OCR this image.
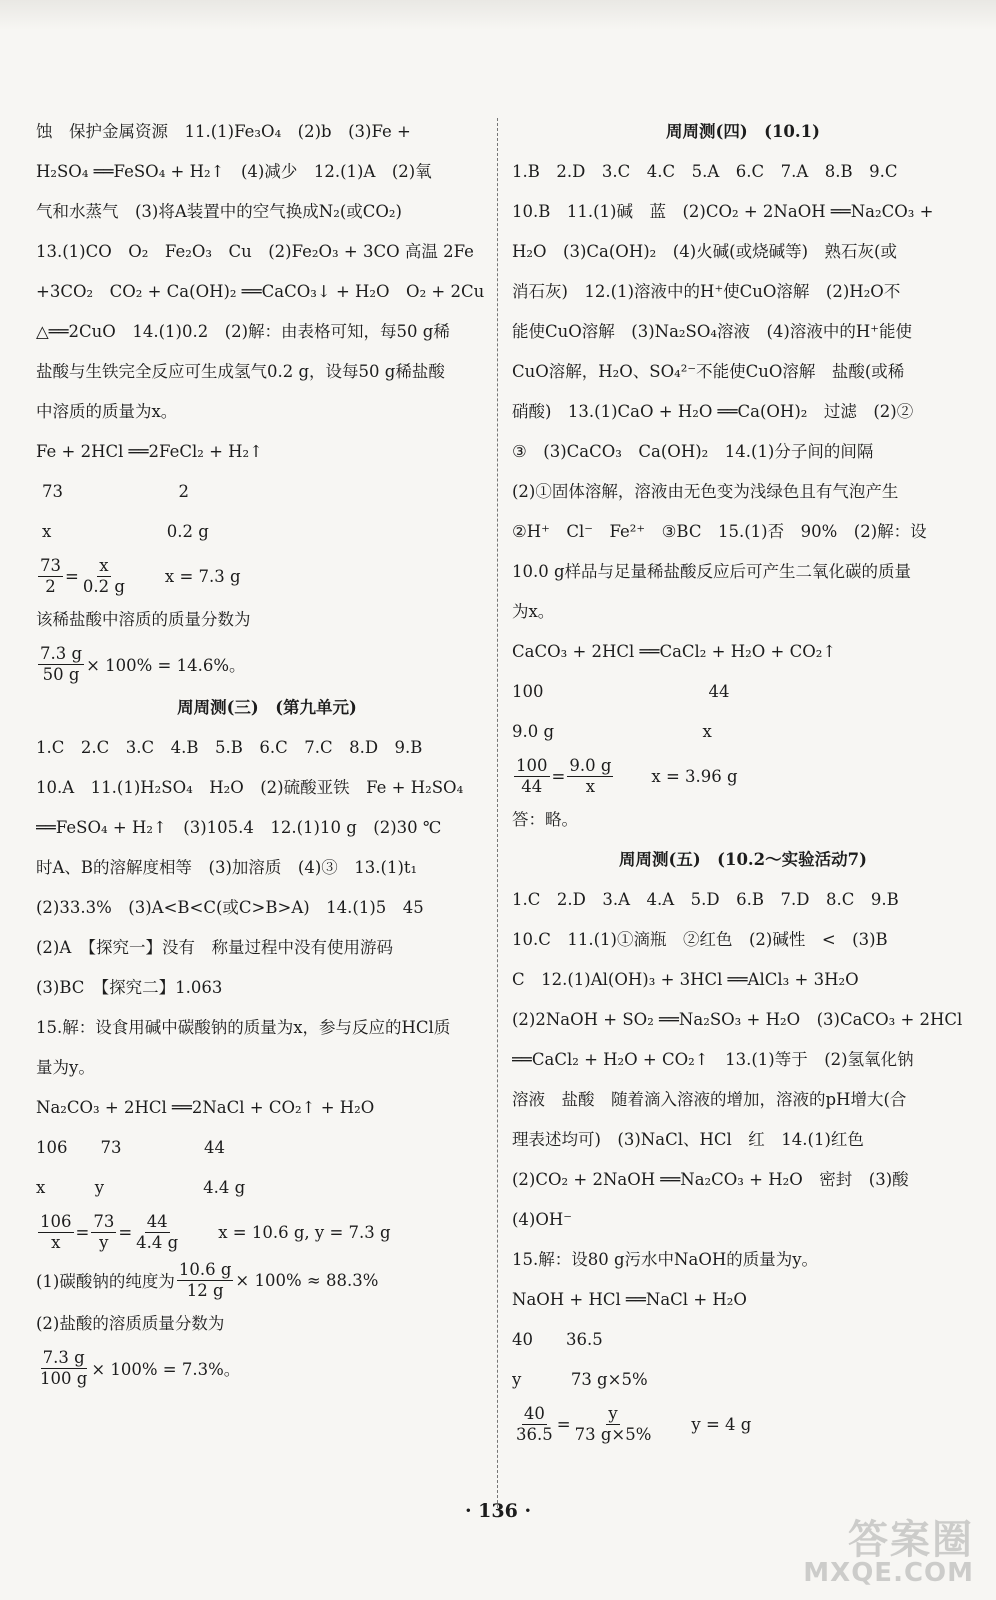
蚀　保护金属资源　11.(1)Fe₃O₄　(2)b　(3)Fe +
H₂SO₄ ══FeSO₄ + H₂↑　(4)减少　12.(1)A　(2)氧
气和水蒸气　(3)将A装置中的空气换成N₂(或CO₂)
13.(1)CO　O₂　Fe₂O₃　Cu　(2)Fe₂O₃ + 3CO 高温 2Fe
+3CO₂　CO₂ + Ca(OH)₂ ══CaCO₃↓ + H₂O　O₂ + 2Cu
△══2CuO　14.(1)0.2　(2)解：由表格可知，每50 g稀
盐酸与生铁完全反应可生成氢气0.2 g，设每50 g稀盐酸
中溶质的质量为x。
Fe + 2HCl ══2FeCl₂ + H₂↑
73　　　　　　　2
x　　　　　　　0.2 g
$\frac{73}{2} = \frac{x}{0.2 g}$ x = 7.3 g
该稀盐酸中溶质的质量分数为
$\frac{7.3 g}{50 g} \times 100\% = 14.6\%$。
周周测(三)　(第九单元)
1.C　2.C　3.C　4.B　5.B　6.C　7.C　8.D　9.B
10.A　11.(1)H₂SO₄　H₂O　(2)硫酸亚铁　Fe + H₂SO₄
══FeSO₄ + H₂↑　(3)105.4　12.(1)10 g　(2)30 ℃
时A、B的溶解度相等　(3)加溶质　(4)③　13.(1)t₁
(2)33.3%　(3)A<B<C(或C>B>A)　14.(1)5　45
(2)A　【探究一】没有　称量过程中没有使用游码
(3)BC　【探究二】1.063
15.解：设食用碱中碳酸钠的质量为x，参与反应的HCl质
量为y。
Na₂CO₃ + 2HCl ══2NaCl + CO₂↑ + H₂O
106　　73　　　　　44
x　　　y　　　　　　4.4 g
$\frac{106}{x} = \frac{73}{y} = \frac{44}{4.4 g}$ x = 10.6 g, y = 7.3 g
(1)碳酸钠的纯度为 $\frac{10.6 g}{12 g} \times 100\% \approx 88.3\%$
(2)盐酸的溶质质量分数为
$\frac{7.3 g}{100 g} \times 100\% = 7.3\%$。
周周测(四)　(10.1)
1.B　2.D　3.C　4.C　5.A　6.C　7.A　8.B　9.C
10.B　11.(1)碱　蓝　(2)CO₂ + 2NaOH ══Na₂CO₃ +
H₂O　(3)Ca(OH)₂　(4)火碱(或烧碱等)　熟石灰(或
消石灰)　12.(1)溶液中的H⁺使CuO溶解　(2)H₂O不
能使CuO溶解　(3)Na₂SO₄溶液　(4)溶液中的H⁺能使
CuO溶解，H₂O、SO₄²⁻不能使CuO溶解　盐酸(或稀
硝酸)　13.(1)CaO + H₂O ══Ca(OH)₂　过滤　(2)②
③　(3)CaCO₃　Ca(OH)₂　14.(1)分子间的间隔
(2)①固体溶解，溶液由无色变为浅绿色且有气泡产生
②H⁺　Cl⁻　Fe²⁺　③BC　15.(1)否　90%　(2)解：设
10.0 g样品与足量稀盐酸反应后可产生二氧化碳的质量
为x。
CaCO₃ + 2HCl ══CaCl₂ + H₂O + CO₂↑
100　　　　　　　　　　44
9.0 g　　　　　　　　　x
$\frac{100}{44} = \frac{9.0 g}{x}$ x = 3.96 g
答：略。
周周测(五)　(10.2～实验活动7)
1.C　2.D　3.A　4.A　5.D　6.B　7.D　8.C　9.B
10.C　11.(1)①滴瓶　②红色　(2)碱性　<　(3)B
C　12.(1)Al(OH)₃ + 3HCl ══AlCl₃ + 3H₂O
(2)2NaOH + SO₂ ══Na₂SO₃ + H₂O　(3)CaCO₃ + 2HCl
══CaCl₂ + H₂O + CO₂↑　13.(1)等于　(2)氢氧化钠
溶液　盐酸　随着滴入溶液的增加，溶液的pH增大(合
理表述均可)　(3)NaCl、HCl　红　14.(1)红色
(2)CO₂ + 2NaOH ══Na₂CO₃ + H₂O　密封　(3)酸
(4)OH⁻
15.解：设80 g污水中NaOH的质量为y。
NaOH + HCl ══NaCl + H₂O
40　　36.5
y　　　73 g×5%
$\frac{40}{36.5} = \frac{y}{73 g\times 5\%}$ y = 4 g
· 136 ·
答案圈
MXQE.COM
